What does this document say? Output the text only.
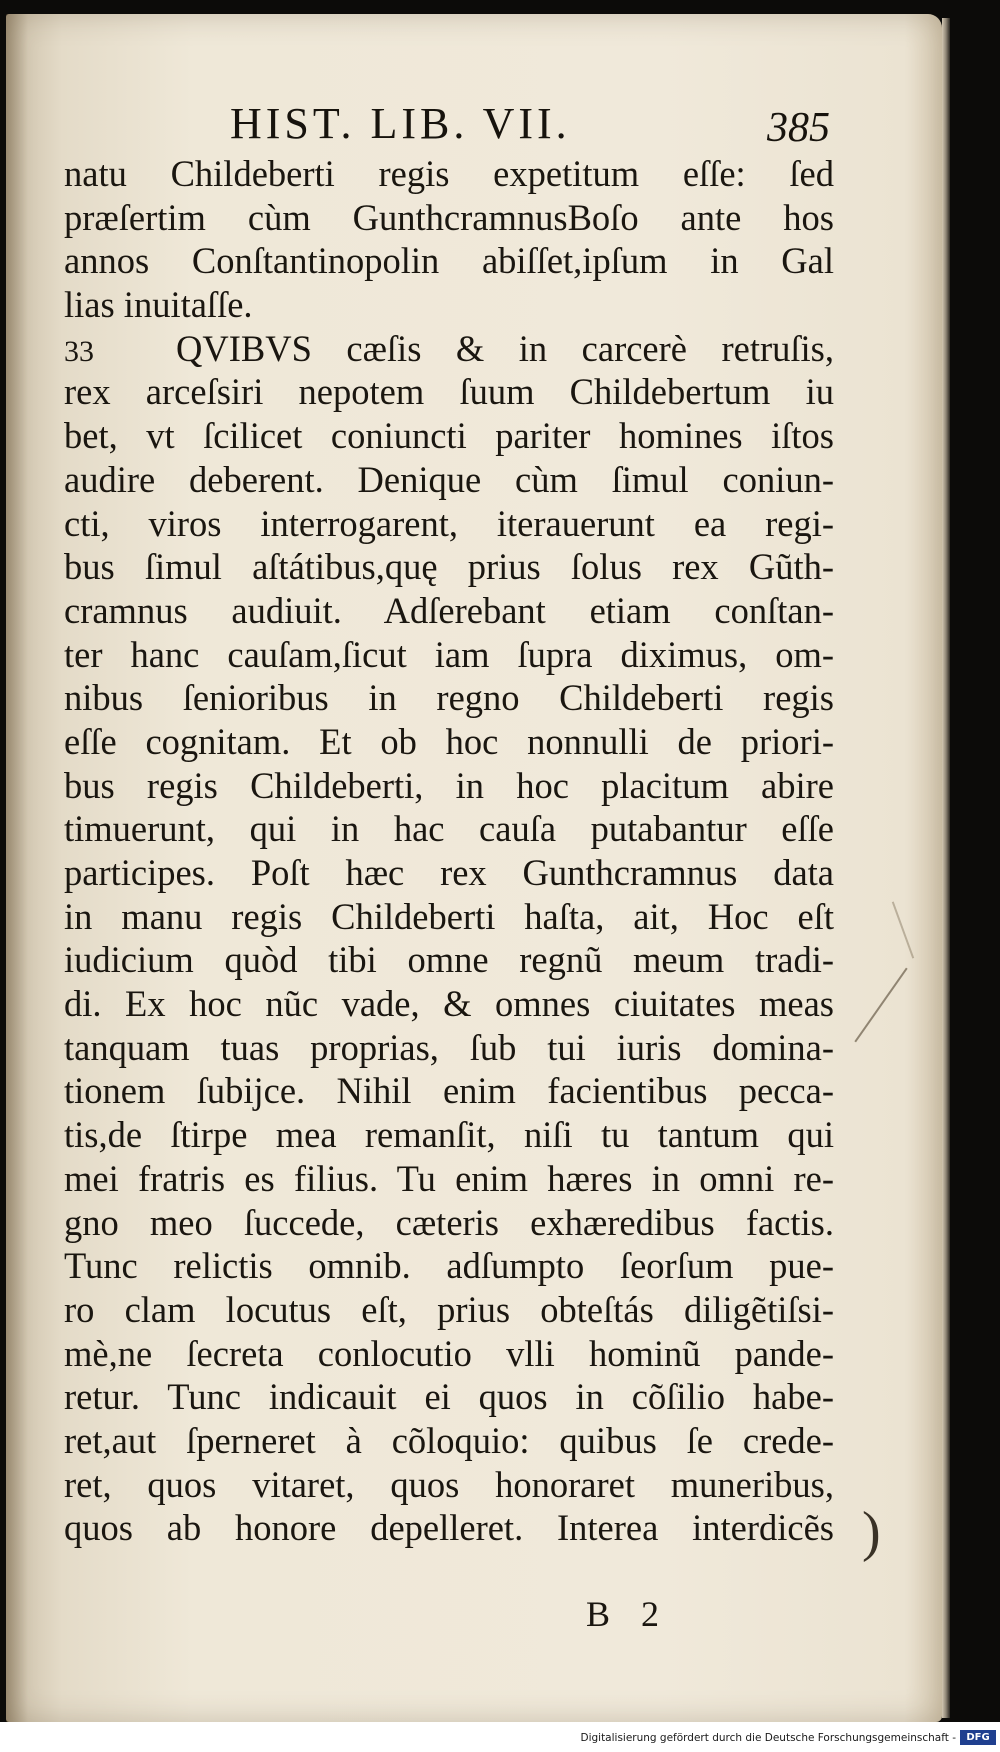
HIST. LIB. VII.	385
natu Childeberti regis expetitum eſſe: ſed
præſertim cùm GunthcramnusBoſo ante hos
annos Conſtantinopolin abiſſet,ipſum in Gal
lias inuitaſſe.
33 QVIBVS cæſis & in carcerè retruſis,
rex arceſsiri nepotem ſuum Childebertum iu
bet, vt ſcilicet coniuncti pariter homines iſtos
audire deberent. Denique cùm ſimul coniun-
cti, viros interrogarent, iterauerunt ea regi-
bus ſimul aſtátibus,quę prius ſolus rex Gũth-
cramnus audiuit. Adſerebant etiam conſtan-
ter hanc cauſam,ſicut iam ſupra diximus, om-
nibus ſenioribus in regno Childeberti regis
eſſe cognitam. Et ob hoc nonnulli de priori-
bus regis Childeberti, in hoc placitum abire
timuerunt, qui in hac cauſa putabantur eſſe
participes. Poſt hæc rex Gunthcramnus data
in manu regis Childeberti haſta, ait, Hoc eſt
iudicium quòd tibi omne regnũ meum tradi-
di. Ex hoc nũc vade, & omnes ciuitates meas
tanquam tuas proprias, ſub tui iuris domina-
tionem ſubijce. Nihil enim facientibus pecca-
tis,de ſtirpe mea remanſit, niſi tu tantum qui
mei fratris es filius. Tu enim hæres in omni re-
gno meo ſuccede, cæteris exhæredibus factis.
Tunc relictis omnib. adſumpto ſeorſum pue-
ro clam locutus eſt, prius obteſtás diligẽtiſsi-
mè,ne ſecreta conlocutio vlli hominũ pande-
retur. Tunc indicauit ei quos in cõſilio habe-
ret,aut ſperneret à cõloquio: quibus ſe crede-
ret, quos vitaret, quos honoraret muneribus,
quos ab honore depelleret. Interea interdicẽs )
B 2
Digitalisierung gefördert durch die Deutsche Forschungsgemeinschaft -	DFG
